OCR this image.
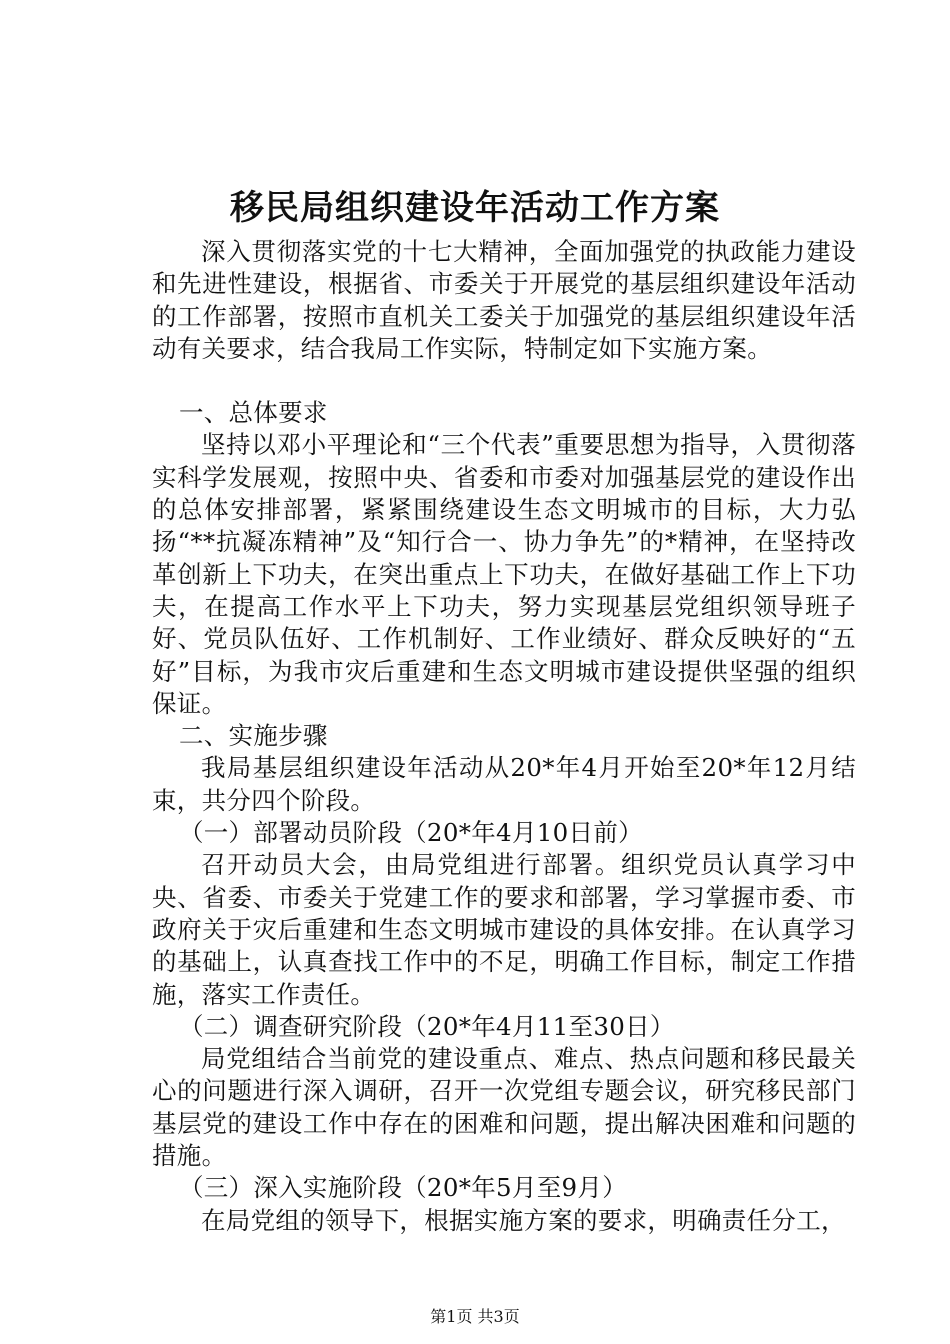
移民局组织建设年活动工作方案

深入贯彻落实党的十七大精神，全面加强党的执政能力建设和先进性建设，根据省、市委关于开展党的基层组织建设年活动的工作部署，按照市直机关工委关于加强党的基层组织建设年活动有关要求，结合我局工作实际，特制定如下实施方案。

一、总体要求

坚持以邓小平理论和“三个代表”重要思想为指导，入贯彻落实科学发展观，按照中央、省委和市委对加强基层党的建设作出的总体安排部署，紧紧围绕建设生态文明城市的目标，大力弘扬“**抗凝冻精神”及“知行合一、协力争先”的*精神，在坚持改革创新上下功夫，在突出重点上下功夫，在做好基础工作上下功夫，在提高工作水平上下功夫，努力实现基层党组织领导班子好、党员队伍好、工作机制好、工作业绩好、群众反映好的“五好”目标，为我市灾后重建和生态文明城市建设提供坚强的组织保证。

二、实施步骤

我局基层组织建设年活动从20*年4月开始至20*年12月结束，共分四个阶段。

（一）部署动员阶段（20*年4月10日前）

召开动员大会，由局党组进行部署。组织党员认真学习中央、省委、市委关于党建工作的要求和部署，学习掌握市委、市政府关于灾后重建和生态文明城市建设的具体安排。在认真学习的基础上，认真查找工作中的不足，明确工作目标，制定工作措施，落实工作责任。

（二）调查研究阶段（20*年4月11至30日）

局党组结合当前党的建设重点、难点、热点问题和移民最关心的问题进行深入调研，召开一次党组专题会议，研究移民部门基层党的建设工作中存在的困难和问题，提出解决困难和问题的措施。

（三）深入实施阶段（20*年5月至9月）

在局党组的领导下，根据实施方案的要求，明确责任分工，

第1页 共3页
